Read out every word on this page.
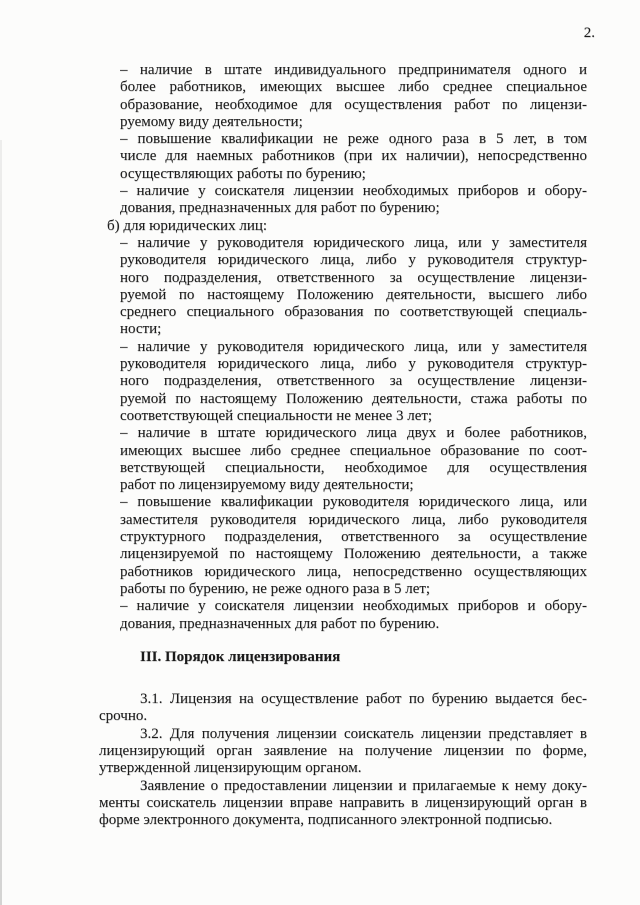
2.
– наличие в штате индивидуального предпринимателя одного и
более работников, имеющих высшее либо среднее специальное
образование, необходимое для осуществления работ по лицензи-
руемому виду деятельности;
– повышение квалификации не реже одного раза в 5 лет, в том
числе для наемных работников (при их наличии), непосредственно
осуществляющих работы по бурению;
– наличие у соискателя лицензии необходимых приборов и обору-
дования, предназначенных для работ по бурению;
б) для юридических лиц:
– наличие у руководителя юридического лица, или у заместителя
руководителя юридического лица, либо у руководителя структур-
ного подразделения, ответственного за осуществление лицензи-
руемой по настоящему Положению деятельности, высшего либо
среднего специального образования по соответствующей специаль-
ности;
– наличие у руководителя юридического лица, или у заместителя
руководителя юридического лица, либо у руководителя структур-
ного подразделения, ответственного за осуществление лицензи-
руемой по настоящему Положению деятельности, стажа работы по
соответствующей специальности не менее 3 лет;
– наличие в штате юридического лица двух и более работников,
имеющих высшее либо среднее специальное образование по соот-
ветствующей специальности, необходимое для осуществления
работ по лицензируемому виду деятельности;
– повышение квалификации руководителя юридического лица, или
заместителя руководителя юридического лица, либо руководителя
структурного подразделения, ответственного за осуществление
лицензируемой по настоящему Положению деятельности, а также
работников юридического лица, непосредственно осуществляющих
работы по бурению, не реже одного раза в 5 лет;
– наличие у соискателя лицензии необходимых приборов и обору-
дования, предназначенных для работ по бурению.
III. Порядок лицензирования
3.1. Лицензия на осуществление работ по бурению выдается бес-
срочно.
3.2. Для получения лицензии соискатель лицензии представляет в
лицензирующий орган заявление на получение лицензии по форме,
утвержденной лицензирующим органом.
Заявление о предоставлении лицензии и прилагаемые к нему доку-
менты соискатель лицензии вправе направить в лицензирующий орган в
форме электронного документа, подписанного электронной подписью.
